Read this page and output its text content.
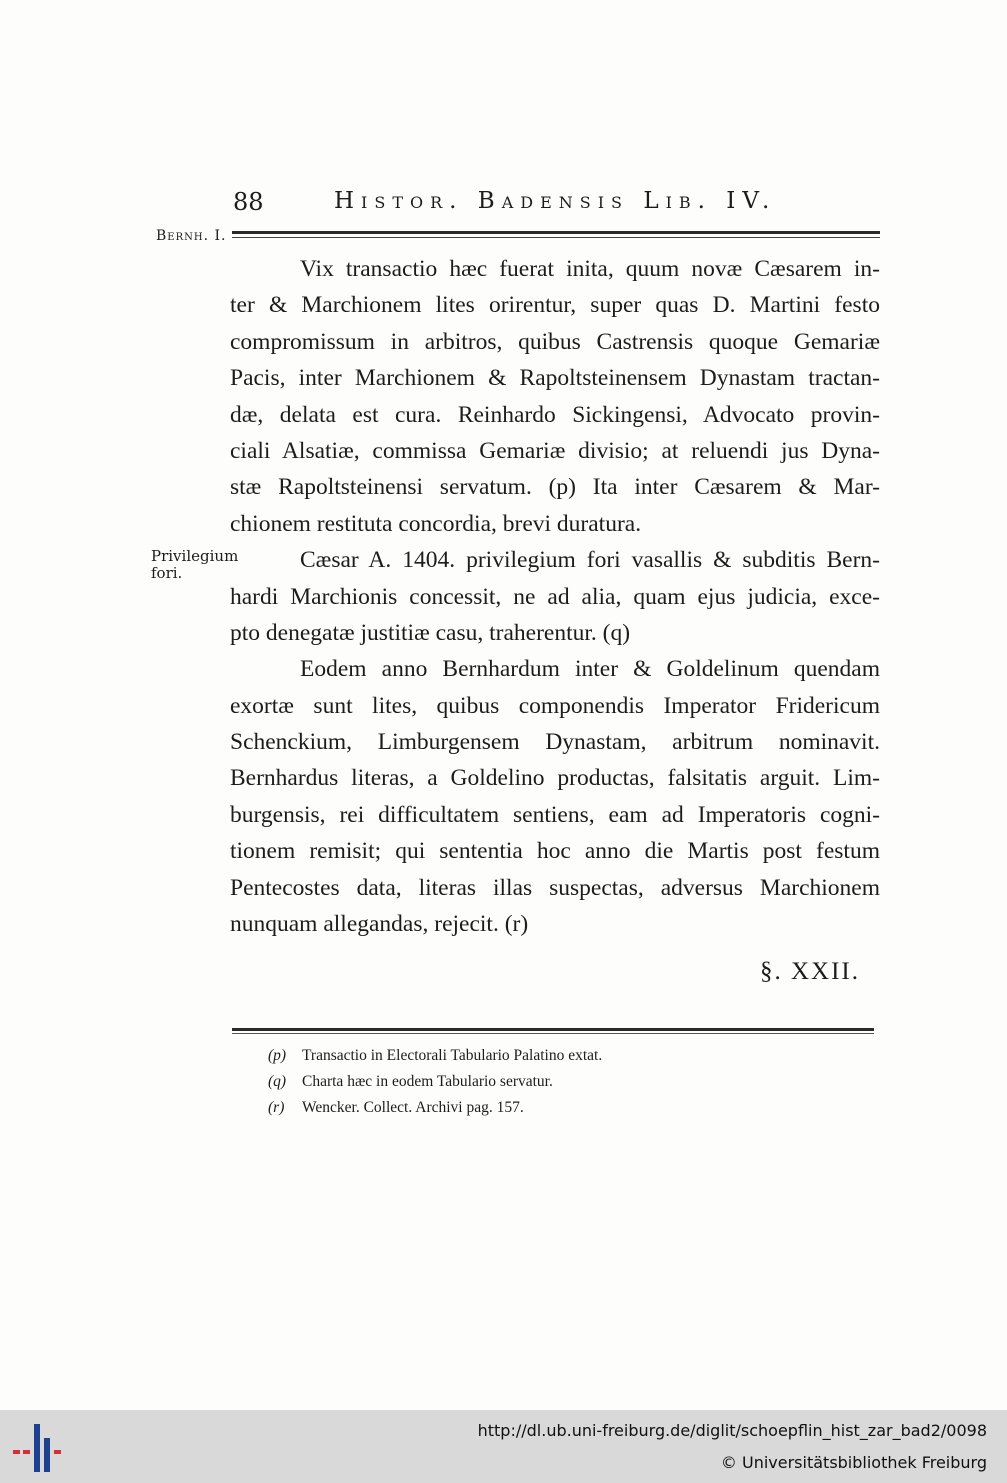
88	Histor. Badensis Lib. IV.
Bernh. I.
Privilegium fori.
Vix transactio hæc fuerat inita, quum novæ Cæsarem in-
ter & Marchionem lites orirentur, super quas D. Martini festo
compromissum in arbitros, quibus Castrensis quoque Gemariæ
Pacis, inter Marchionem & Rapoltsteinensem Dynastam tractan-
dæ, delata est cura. Reinhardo Sickingensi, Advocato provin-
ciali Alsatiæ, commissa Gemariæ divisio; at reluendi jus Dyna-
stæ Rapoltsteinensi servatum. (p) Ita inter Cæsarem & Mar-
chionem restituta concordia, brevi duratura.
Cæsar A. 1404. privilegium fori vasallis & subditis Bern-
hardi Marchionis concessit, ne ad alia, quam ejus judicia, exce-
pto denegatæ justitiæ casu, traherentur. (q)
Eodem anno Bernhardum inter & Goldelinum quendam
exortæ sunt lites, quibus componendis Imperator Fridericum
Schenckium, Limburgensem Dynastam, arbitrum nominavit.
Bernhardus literas, a Goldelino productas, falsitatis arguit. Lim-
burgensis, rei difficultatem sentiens, eam ad Imperatoris cogni-
tionem remisit; qui sententia hoc anno die Martis post festum
Pentecostes data, literas illas suspectas, adversus Marchionem
nunquam allegandas, rejecit. (r)
§. XXII.
(p) Transactio in Electorali Tabulario Palatino extat.
(q) Charta hæc in eodem Tabulario servatur.
(r) Wencker. Collect. Archivi pag. 157.
http://dl.ub.uni-freiburg.de/diglit/schoepflin_hist_zar_bad2/0098
© Universitätsbibliothek Freiburg
